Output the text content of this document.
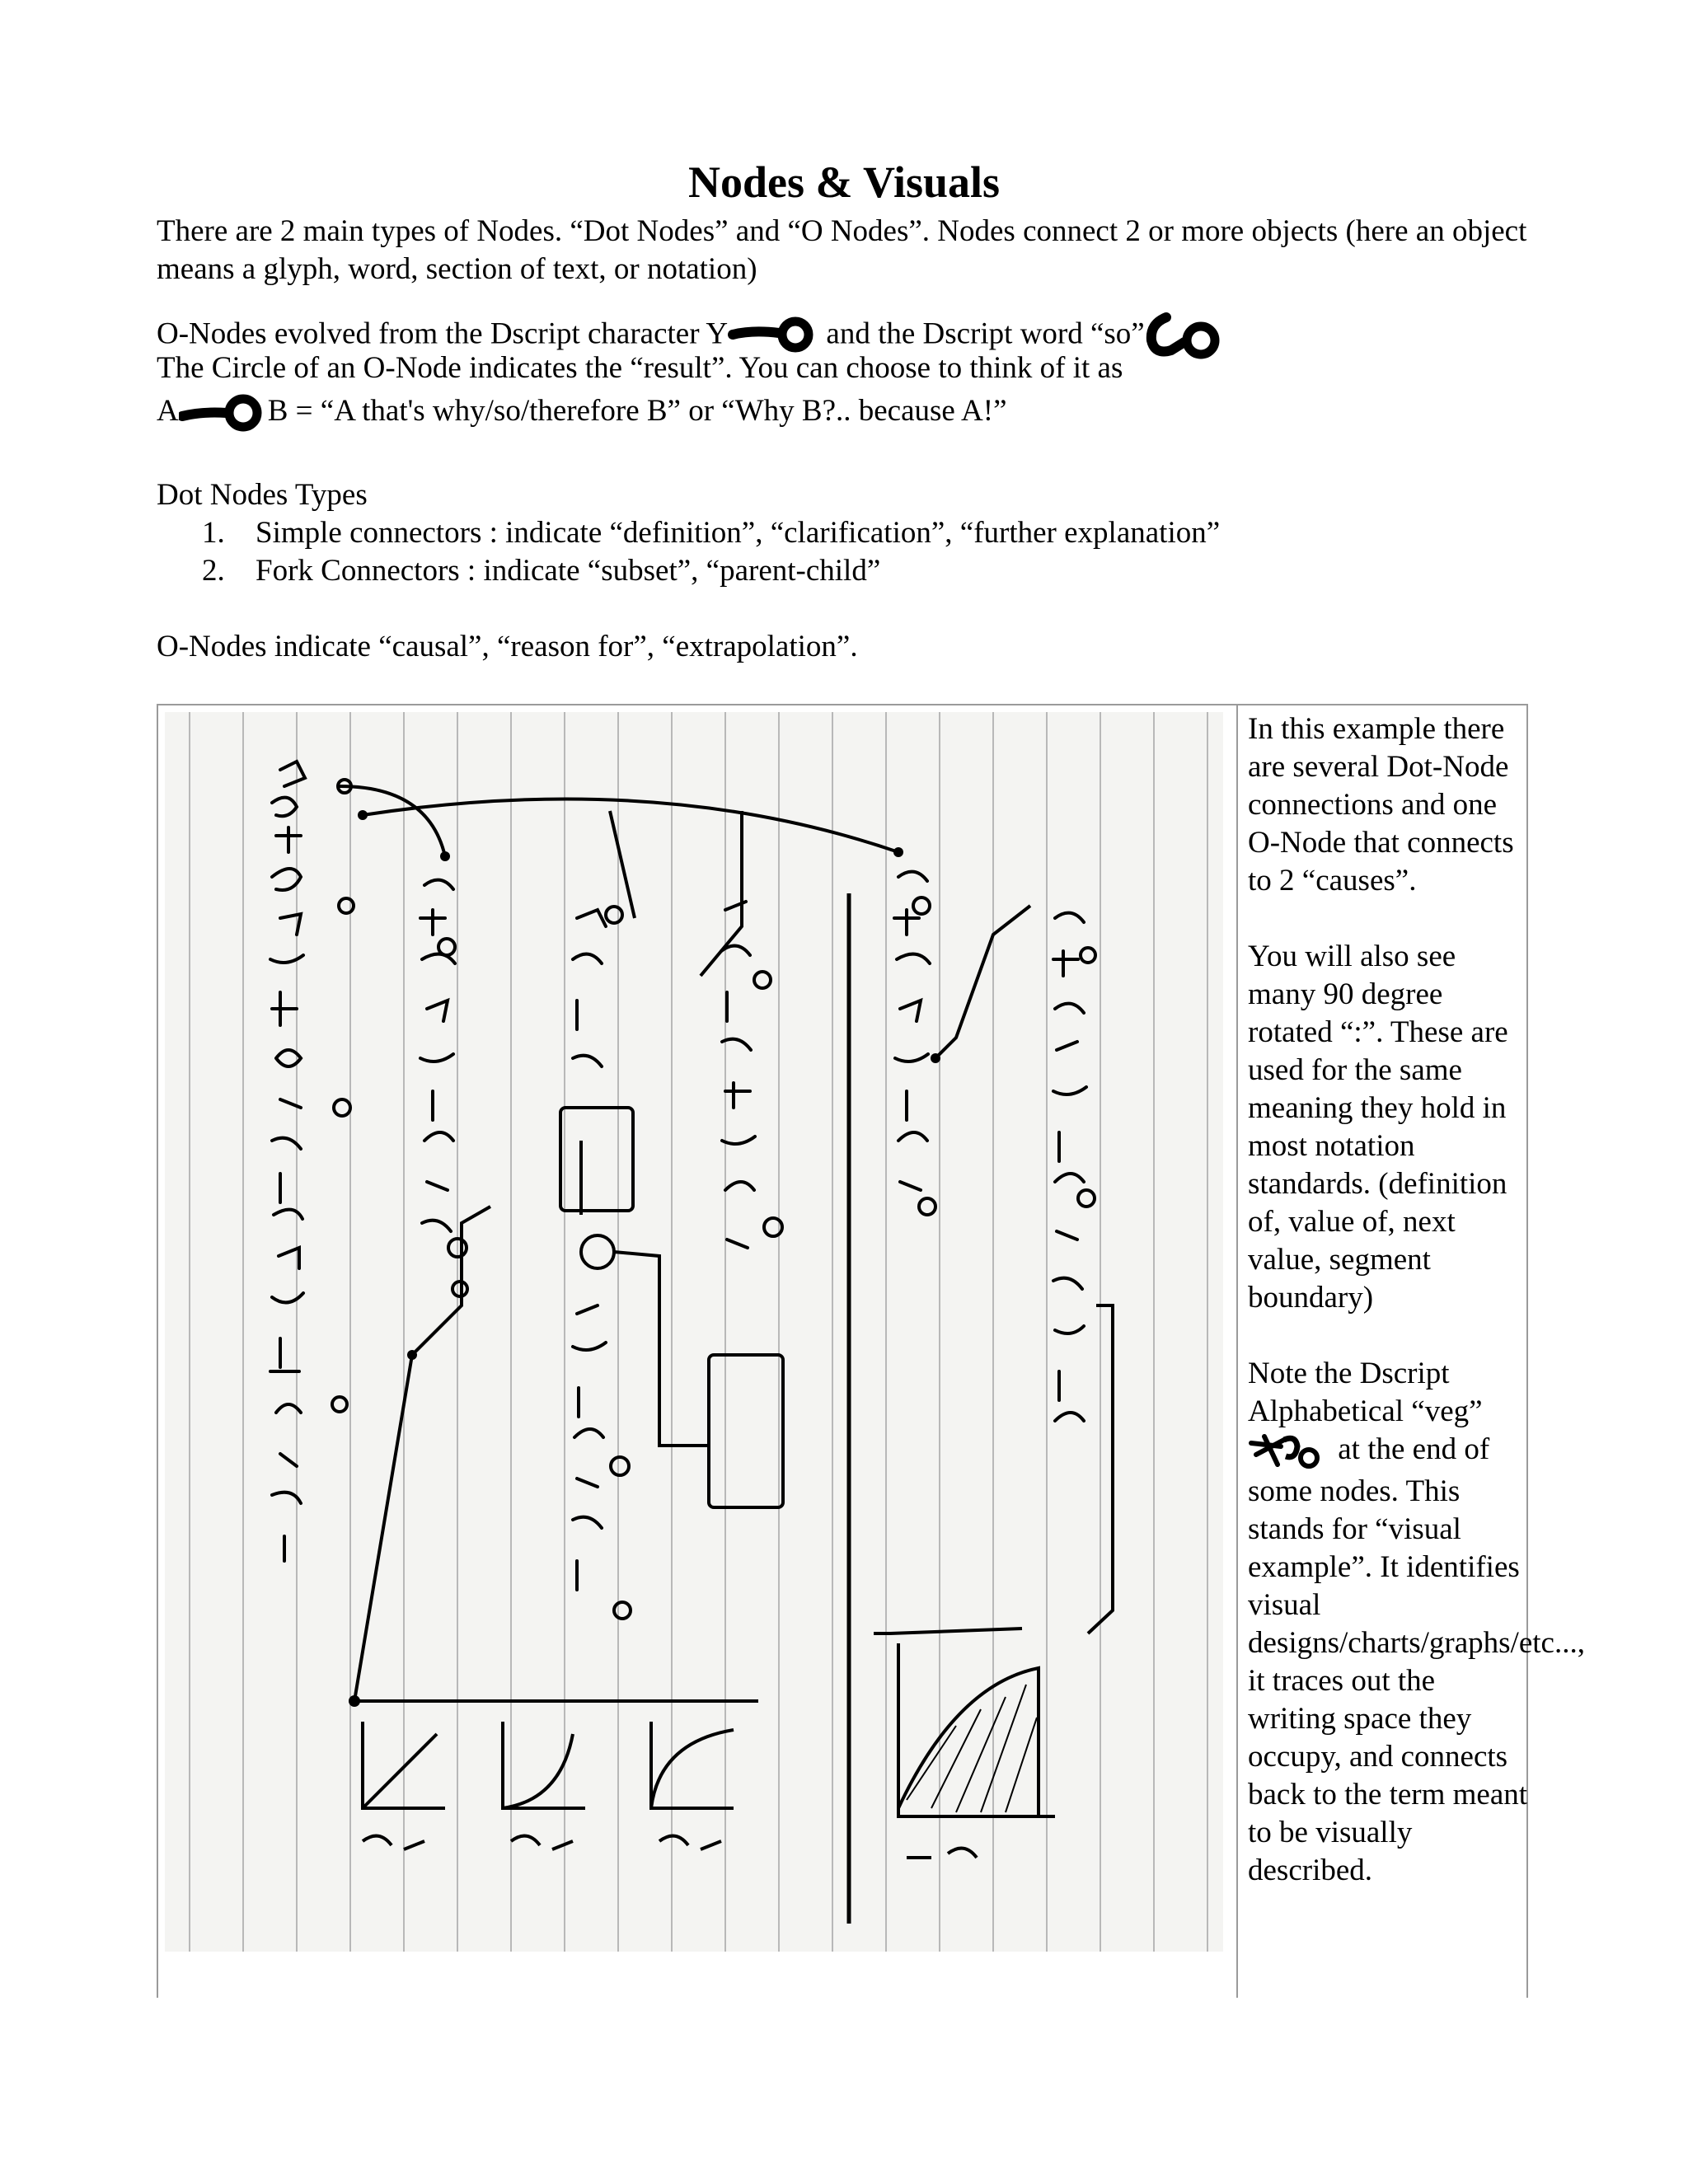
Nodes & Visuals
There are 2 main types of Nodes. “Dot Nodes” and “O Nodes”. Nodes connect 2 or more objects (here an object means a glyph, word, section of text, or notation)
O-Nodes evolved from the Dscript character Y	and the Dscript word “so”
The Circle of an O-Node indicates the “result”. You can choose to think of it as
A	B = “A that's why/so/therefore B” or “Why B?.. because A!”
Dot Nodes Types
1. Simple connectors : indicate “definition”, “clarification”, “further explanation”
2. Fork Connectors : indicate “subset”, “parent-child”
O-Nodes indicate “causal”, “reason for”, “extrapolation”.

In this example there are several Dot-Node connections and one O-Node that connects to 2 “causes”.

You will also see many 90 degree rotated “:”. These are used for the same meaning they hold in most notation standards. (definition of, value of, next value, segment boundary)

Note the Dscript Alphabetical “veg”
at the end of some nodes. This stands for “visual example”. It identifies visual designs/charts/graphs/etc..., it traces out the writing space they occupy, and connects back to the term meant to be visually described.
